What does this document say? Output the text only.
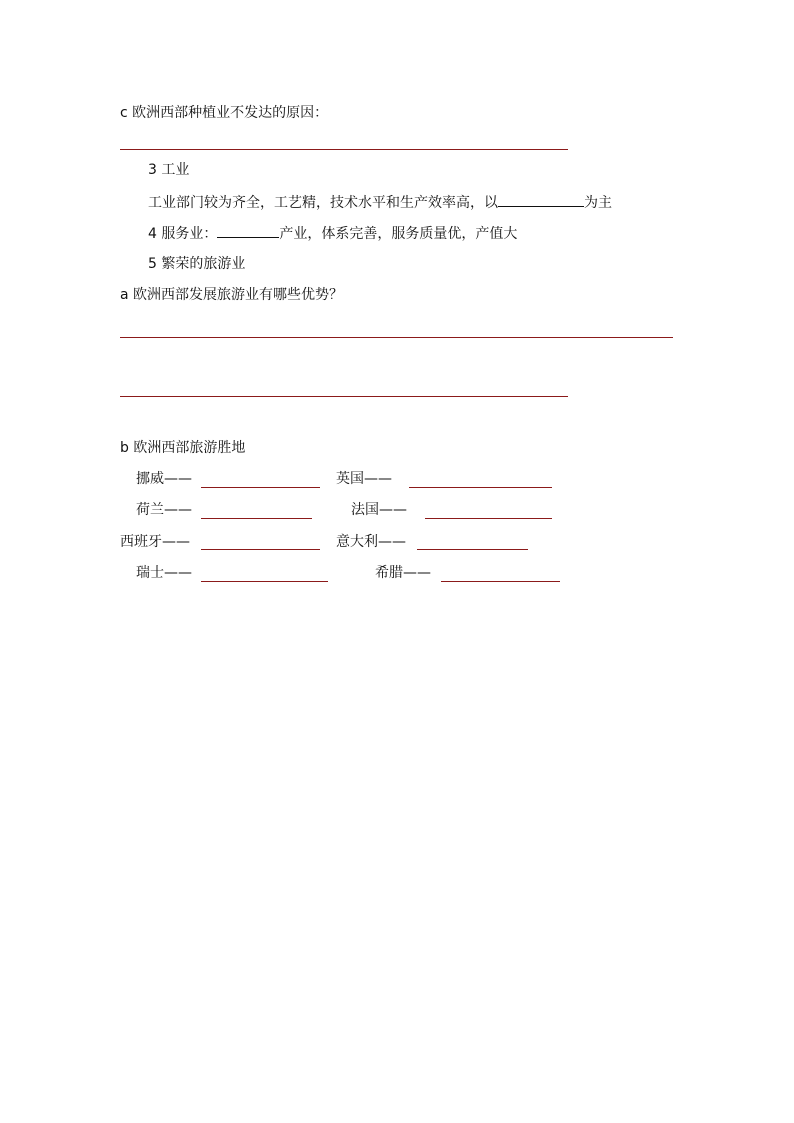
c 欧洲西部种植业不发达的原因：
3 工业
工业部门较为齐全，工艺精，技术水平和生产效率高，以	为主
4 服务业：	产业，体系完善，服务质量优，产值大
5 繁荣的旅游业
a 欧洲西部发展旅游业有哪些优势？
b 欧洲西部旅游胜地
挪威——	英国——
荷兰——	法国——
西班牙——	意大利——
瑞士——	希腊——
